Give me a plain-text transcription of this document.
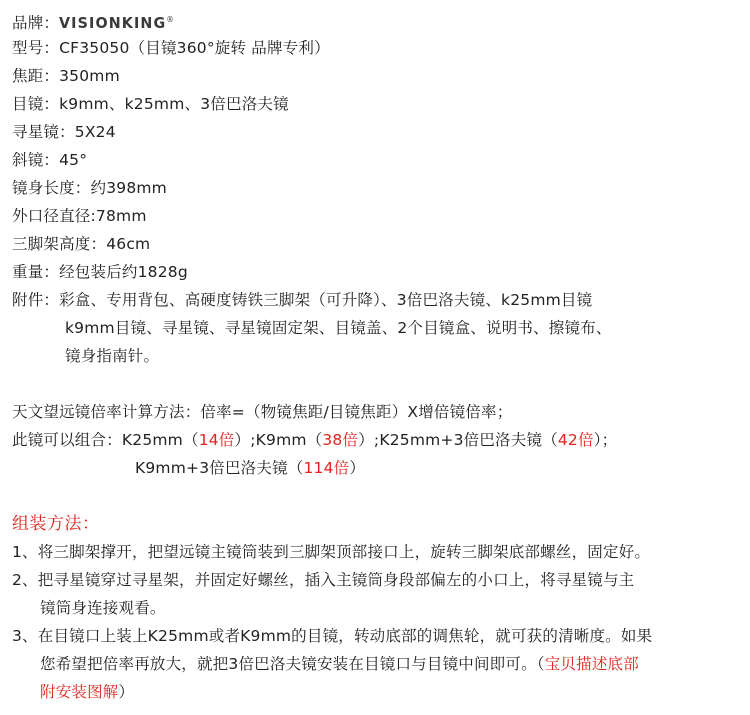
品牌：VISIONKING®
型号：CF35050（目镜360°旋转 品牌专利）
焦距：350mm
目镜：k9mm、k25mm、3倍巴洛夫镜
寻星镜：5X24
斜镜：45°
镜身长度：约398mm
外口径直径:78mm
三脚架高度：46cm
重量：经包装后约1828g
附件：彩盒、专用背包、高硬度铸铁三脚架（可升降）、3倍巴洛夫镜、k25mm目镜
k9mm目镜、寻星镜、寻星镜固定架、目镜盖、2个目镜盒、说明书、擦镜布、
镜身指南针。
天文望远镜倍率计算方法：倍率=（物镜焦距/目镜焦距）X增倍镜倍率；
此镜可以组合：K25mm（14倍）;K9mm（38倍）;K25mm+3倍巴洛夫镜（42倍）；
K9mm+3倍巴洛夫镜（114倍）
组装方法：
1、将三脚架撑开，把望远镜主镜筒装到三脚架顶部接口上，旋转三脚架底部螺丝，固定好。
2、把寻星镜穿过寻星架，并固定好螺丝，插入主镜筒身段部偏左的小口上，将寻星镜与主
镜筒身连接观看。
3、在目镜口上装上K25mm或者K9mm的目镜，转动底部的调焦轮，就可获的清晰度。如果
您希望把倍率再放大，就把3倍巴洛夫镜安装在目镜口与目镜中间即可。（宝贝描述底部
附安装图解）
